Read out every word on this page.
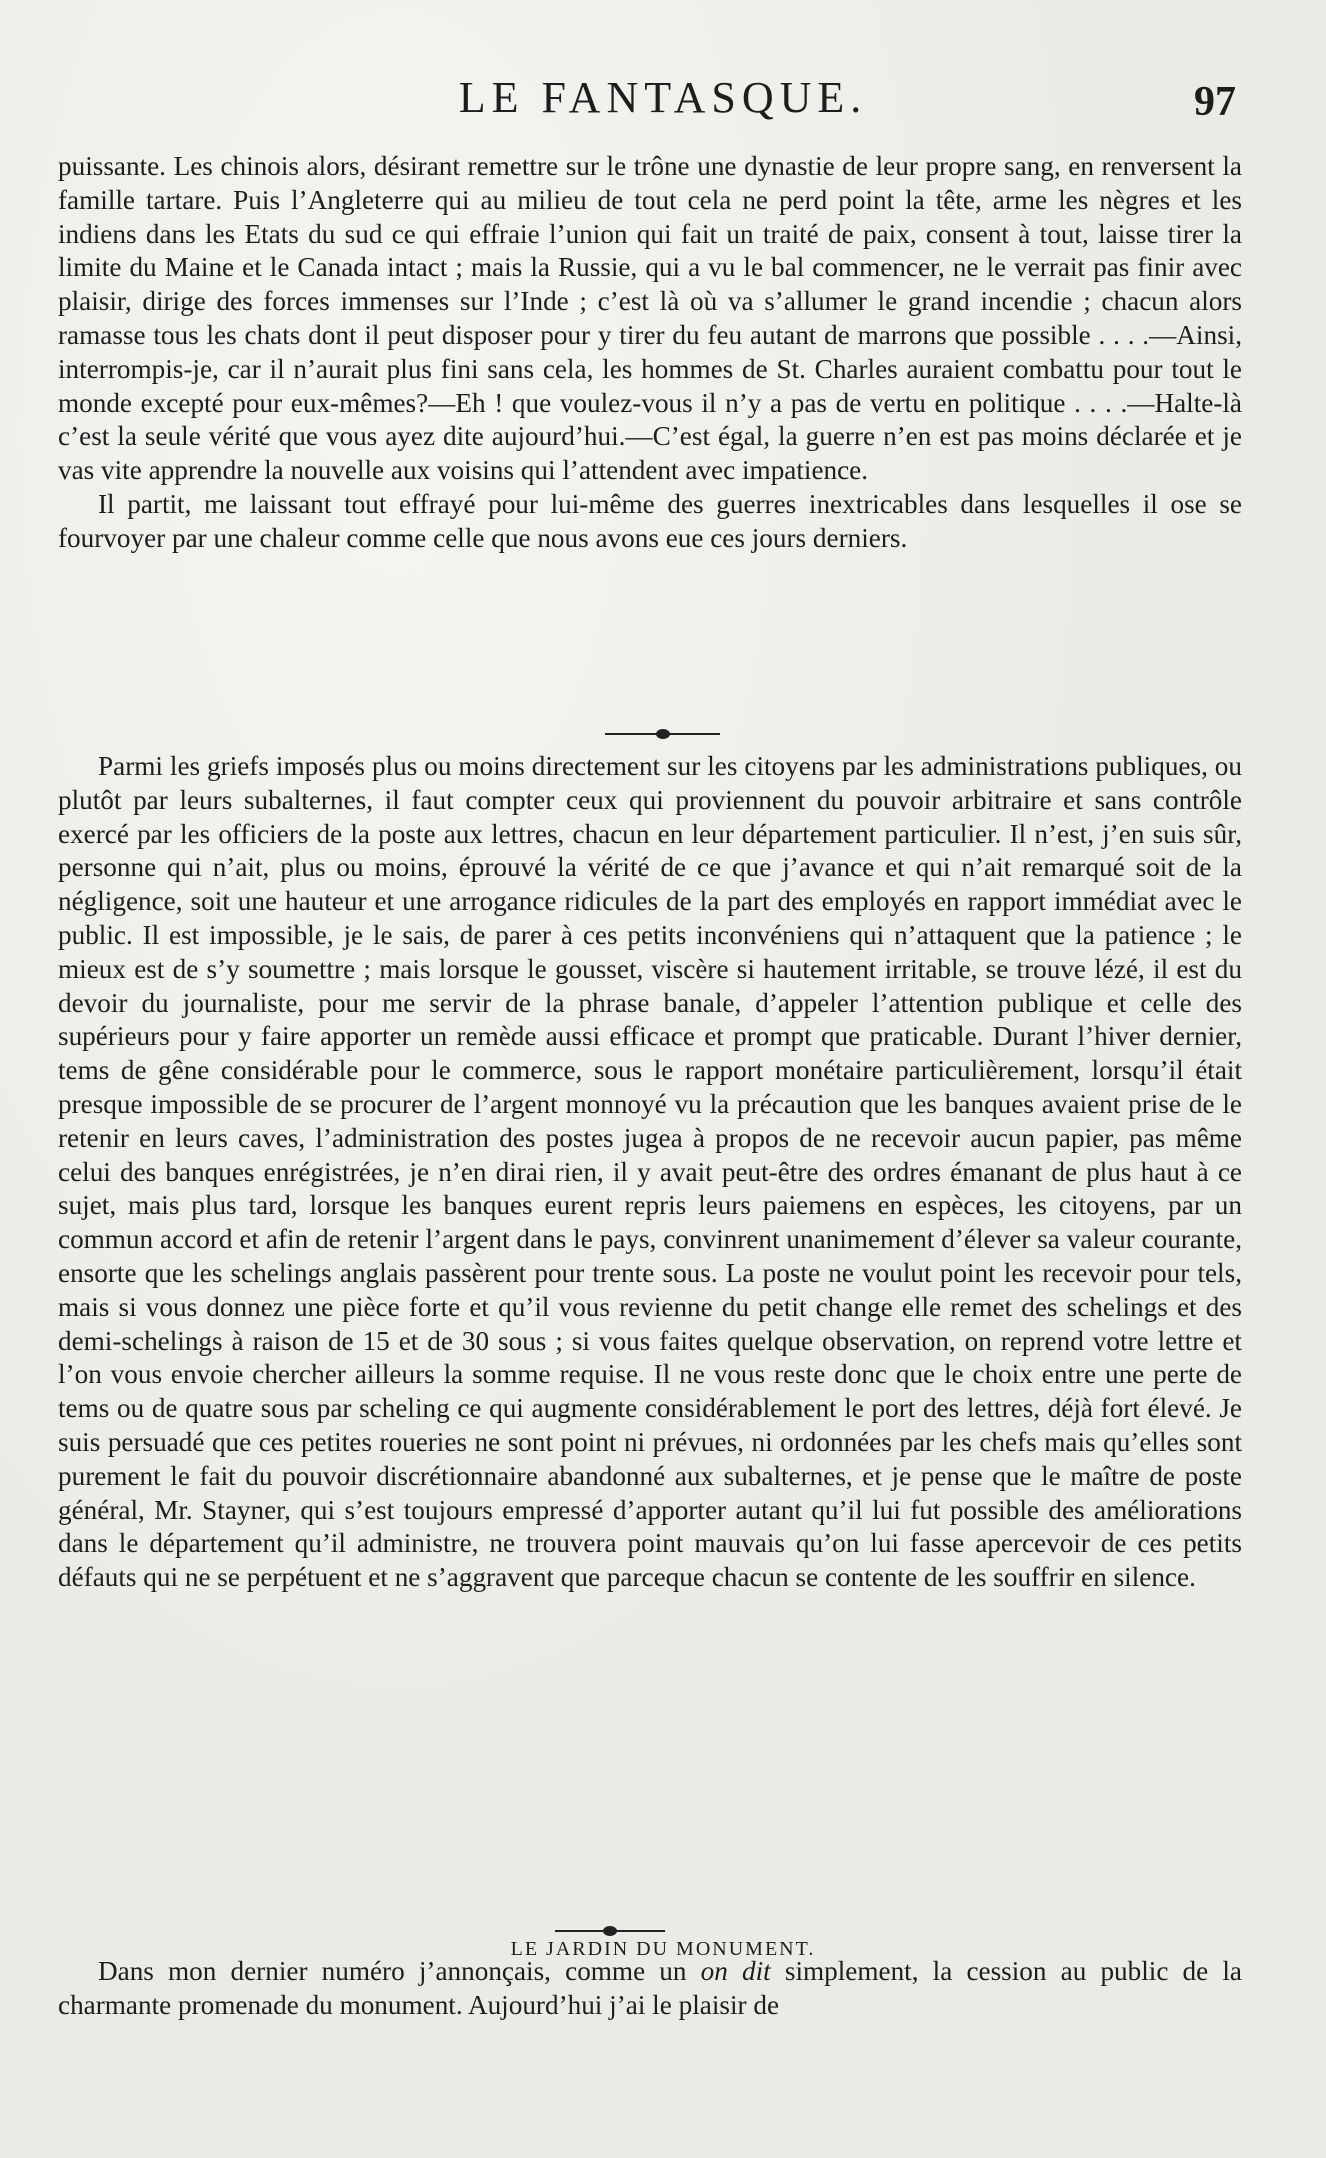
LE FANTASQUE.	97

puissante. Les chinois alors, désirant remettre sur le trône une dynastie de leur propre sang, en renversent la famille tartare. Puis l’Angleterre qui au milieu de tout cela ne perd point la tête, arme les nègres et les indiens dans les Etats du sud ce qui effraie l’union qui fait un traité de paix, consent à tout, laisse tirer la limite du Maine et le Canada intact ; mais la Russie, qui a vu le bal commencer, ne le verrait pas finir avec plaisir, dirige des forces immenses sur l’Inde ; c’est là où va s’allumer le grand incendie ; chacun alors ramasse tous les chats dont il peut disposer pour y tirer du feu autant de marrons que possible . . . .—Ainsi, interrompis-je, car il n’aurait plus fini sans cela, les hommes de St. Charles auraient combattu pour tout le monde excepté pour eux-mêmes?—Eh ! que voulez-vous il n’y a pas de vertu en politique . . . .—Halte-là c’est la seule vérité que vous ayez dite aujourd’hui.—C’est égal, la guerre n’en est pas moins déclarée et je vas vite apprendre la nouvelle aux voisins qui l’attendent avec impatience.

Il partit, me laissant tout effrayé pour lui-même des guerres inextricables dans lesquelles il ose se fourvoyer par une chaleur comme celle que nous avons eue ces jours derniers.

Parmi les griefs imposés plus ou moins directement sur les citoyens par les administrations publiques, ou plutôt par leurs subalternes, il faut compter ceux qui proviennent du pouvoir arbitraire et sans contrôle exercé par les officiers de la poste aux lettres, chacun en leur département particulier. Il n’est, j’en suis sûr, personne qui n’ait, plus ou moins, éprouvé la vérité de ce que j’avance et qui n’ait remarqué soit de la négligence, soit une hauteur et une arrogance ridicules de la part des employés en rapport immédiat avec le public. Il est impossible, je le sais, de parer à ces petits inconvéniens qui n’attaquent que la patience ; le mieux est de s’y soumettre ; mais lorsque le gousset, viscère si hautement irritable, se trouve lézé, il est du devoir du journaliste, pour me servir de la phrase banale, d’appeler l’attention publique et celle des supérieurs pour y faire apporter un remède aussi efficace et prompt que praticable. Durant l’hiver dernier, tems de gêne considérable pour le commerce, sous le rapport monétaire particulièrement, lorsqu’il était presque impossible de se procurer de l’argent monnoyé vu la précaution que les banques avaient prise de le retenir en leurs caves, l’administration des postes jugea à propos de ne recevoir aucun papier, pas même celui des banques enrégistrées, je n’en dirai rien, il y avait peut-être des ordres émanant de plus haut à ce sujet, mais plus tard, lorsque les banques eurent repris leurs paiemens en espèces, les citoyens, par un commun accord et afin de retenir l’argent dans le pays, convinrent unanimement d’élever sa valeur courante, ensorte que les schelings anglais passèrent pour trente sous. La poste ne voulut point les recevoir pour tels, mais si vous donnez une pièce forte et qu’il vous revienne du petit change elle remet des schelings et des demi-schelings à raison de 15 et de 30 sous ; si vous faites quelque observation, on reprend votre lettre et l’on vous envoie chercher ailleurs la somme requise. Il ne vous reste donc que le choix entre une perte de tems ou de quatre sous par scheling ce qui augmente considérablement le port des lettres, déjà fort élevé. Je suis persuadé que ces petites roueries ne sont point ni prévues, ni ordonnées par les chefs mais qu’elles sont purement le fait du pouvoir discrétionnaire abandonné aux subalternes, et je pense que le maître de poste général, Mr. Stayner, qui s’est toujours empressé d’apporter autant qu’il lui fut possible des améliorations dans le département qu’il administre, ne trouvera point mauvais qu’on lui fasse apercevoir de ces petits défauts qui ne se perpétuent et ne s’aggravent que parceque chacun se contente de les souffrir en silence.

LE JARDIN DU MONUMENT.

Dans mon dernier numéro j’annonçais, comme un on dit simplement, la cession au public de la charmante promenade du monument. Aujourd’hui j’ai le plaisir de
